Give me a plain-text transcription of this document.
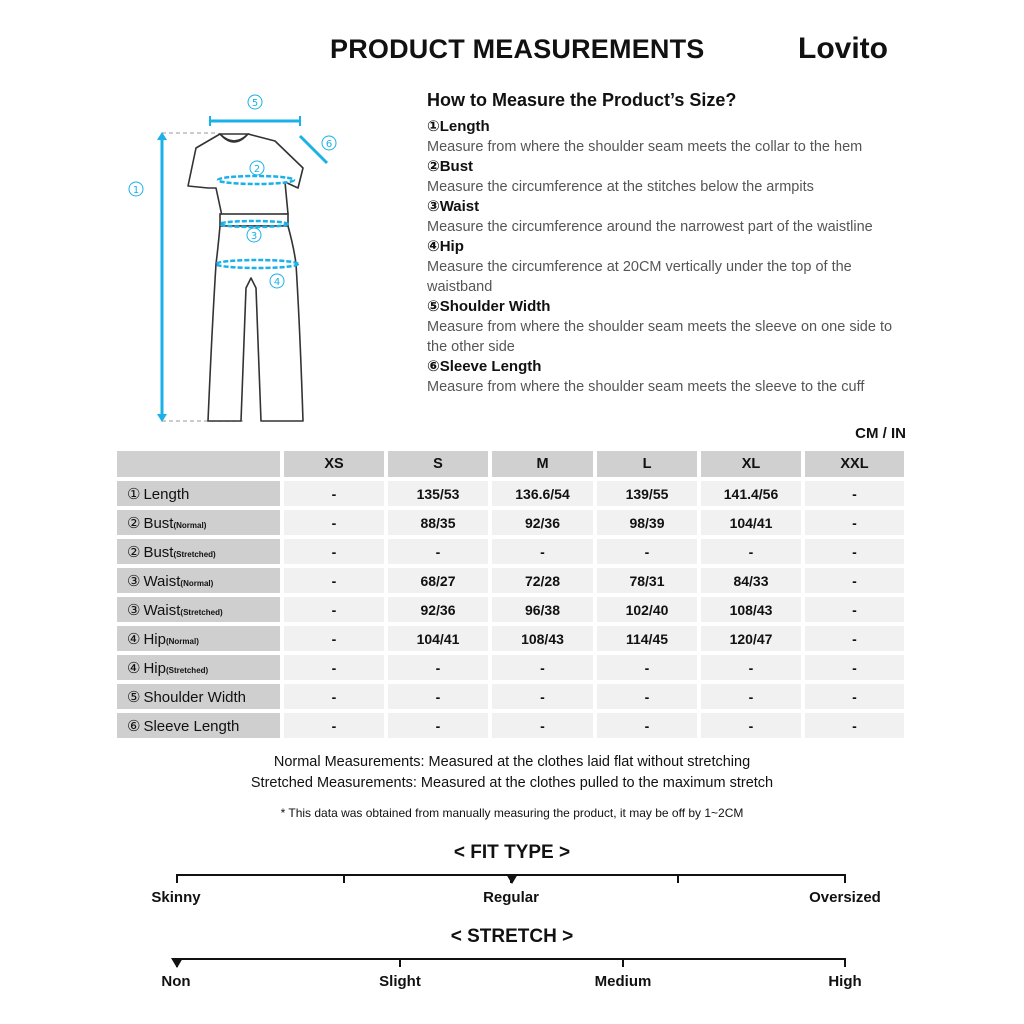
PRODUCT MEASUREMENTS	Lovito
1
5
6
2
3
4
How to Measure the Product’s Size?
①Length
Measure from where the shoulder seam meets the collar to the hem
②Bust
Measure the circumference at the stitches below the armpits
③Waist
Measure the circumference around the narrowest part of the waistline
④Hip
Measure the circumference at 20CM vertically under the top of the waistband
⑤Shoulder Width
Measure from where the shoulder seam meets the sleeve on one side to the other side
⑥Sleeve Length
Measure from where the shoulder seam meets the sleeve to the cuff
CM / IN
	XS	S	M	L	XL	XXL
① Length	-	135/53	136.6/54	139/55	141.4/56	-
② Bust(Normal)	-	88/35	92/36	98/39	104/41	-
② Bust(Stretched)	-	-	-	-	-	-
③ Waist(Normal)	-	68/27	72/28	78/31	84/33	-
③ Waist(Stretched)	-	92/36	96/38	102/40	108/43	-
④ Hip(Normal)	-	104/41	108/43	114/45	120/47	-
④ Hip(Stretched)	-	-	-	-	-	-
⑤ Shoulder Width	-	-	-	-	-	-
⑥ Sleeve Length	-	-	-	-	-	-
Normal Measurements: Measured at the clothes laid flat without stretching
Stretched Measurements: Measured at the clothes pulled to the maximum stretch
* This data was obtained from manually measuring the product, it may be off by 1~2CM
< FIT TYPE >
Skinny	Regular	Oversized
< STRETCH >
Non	Slight	Medium	High
